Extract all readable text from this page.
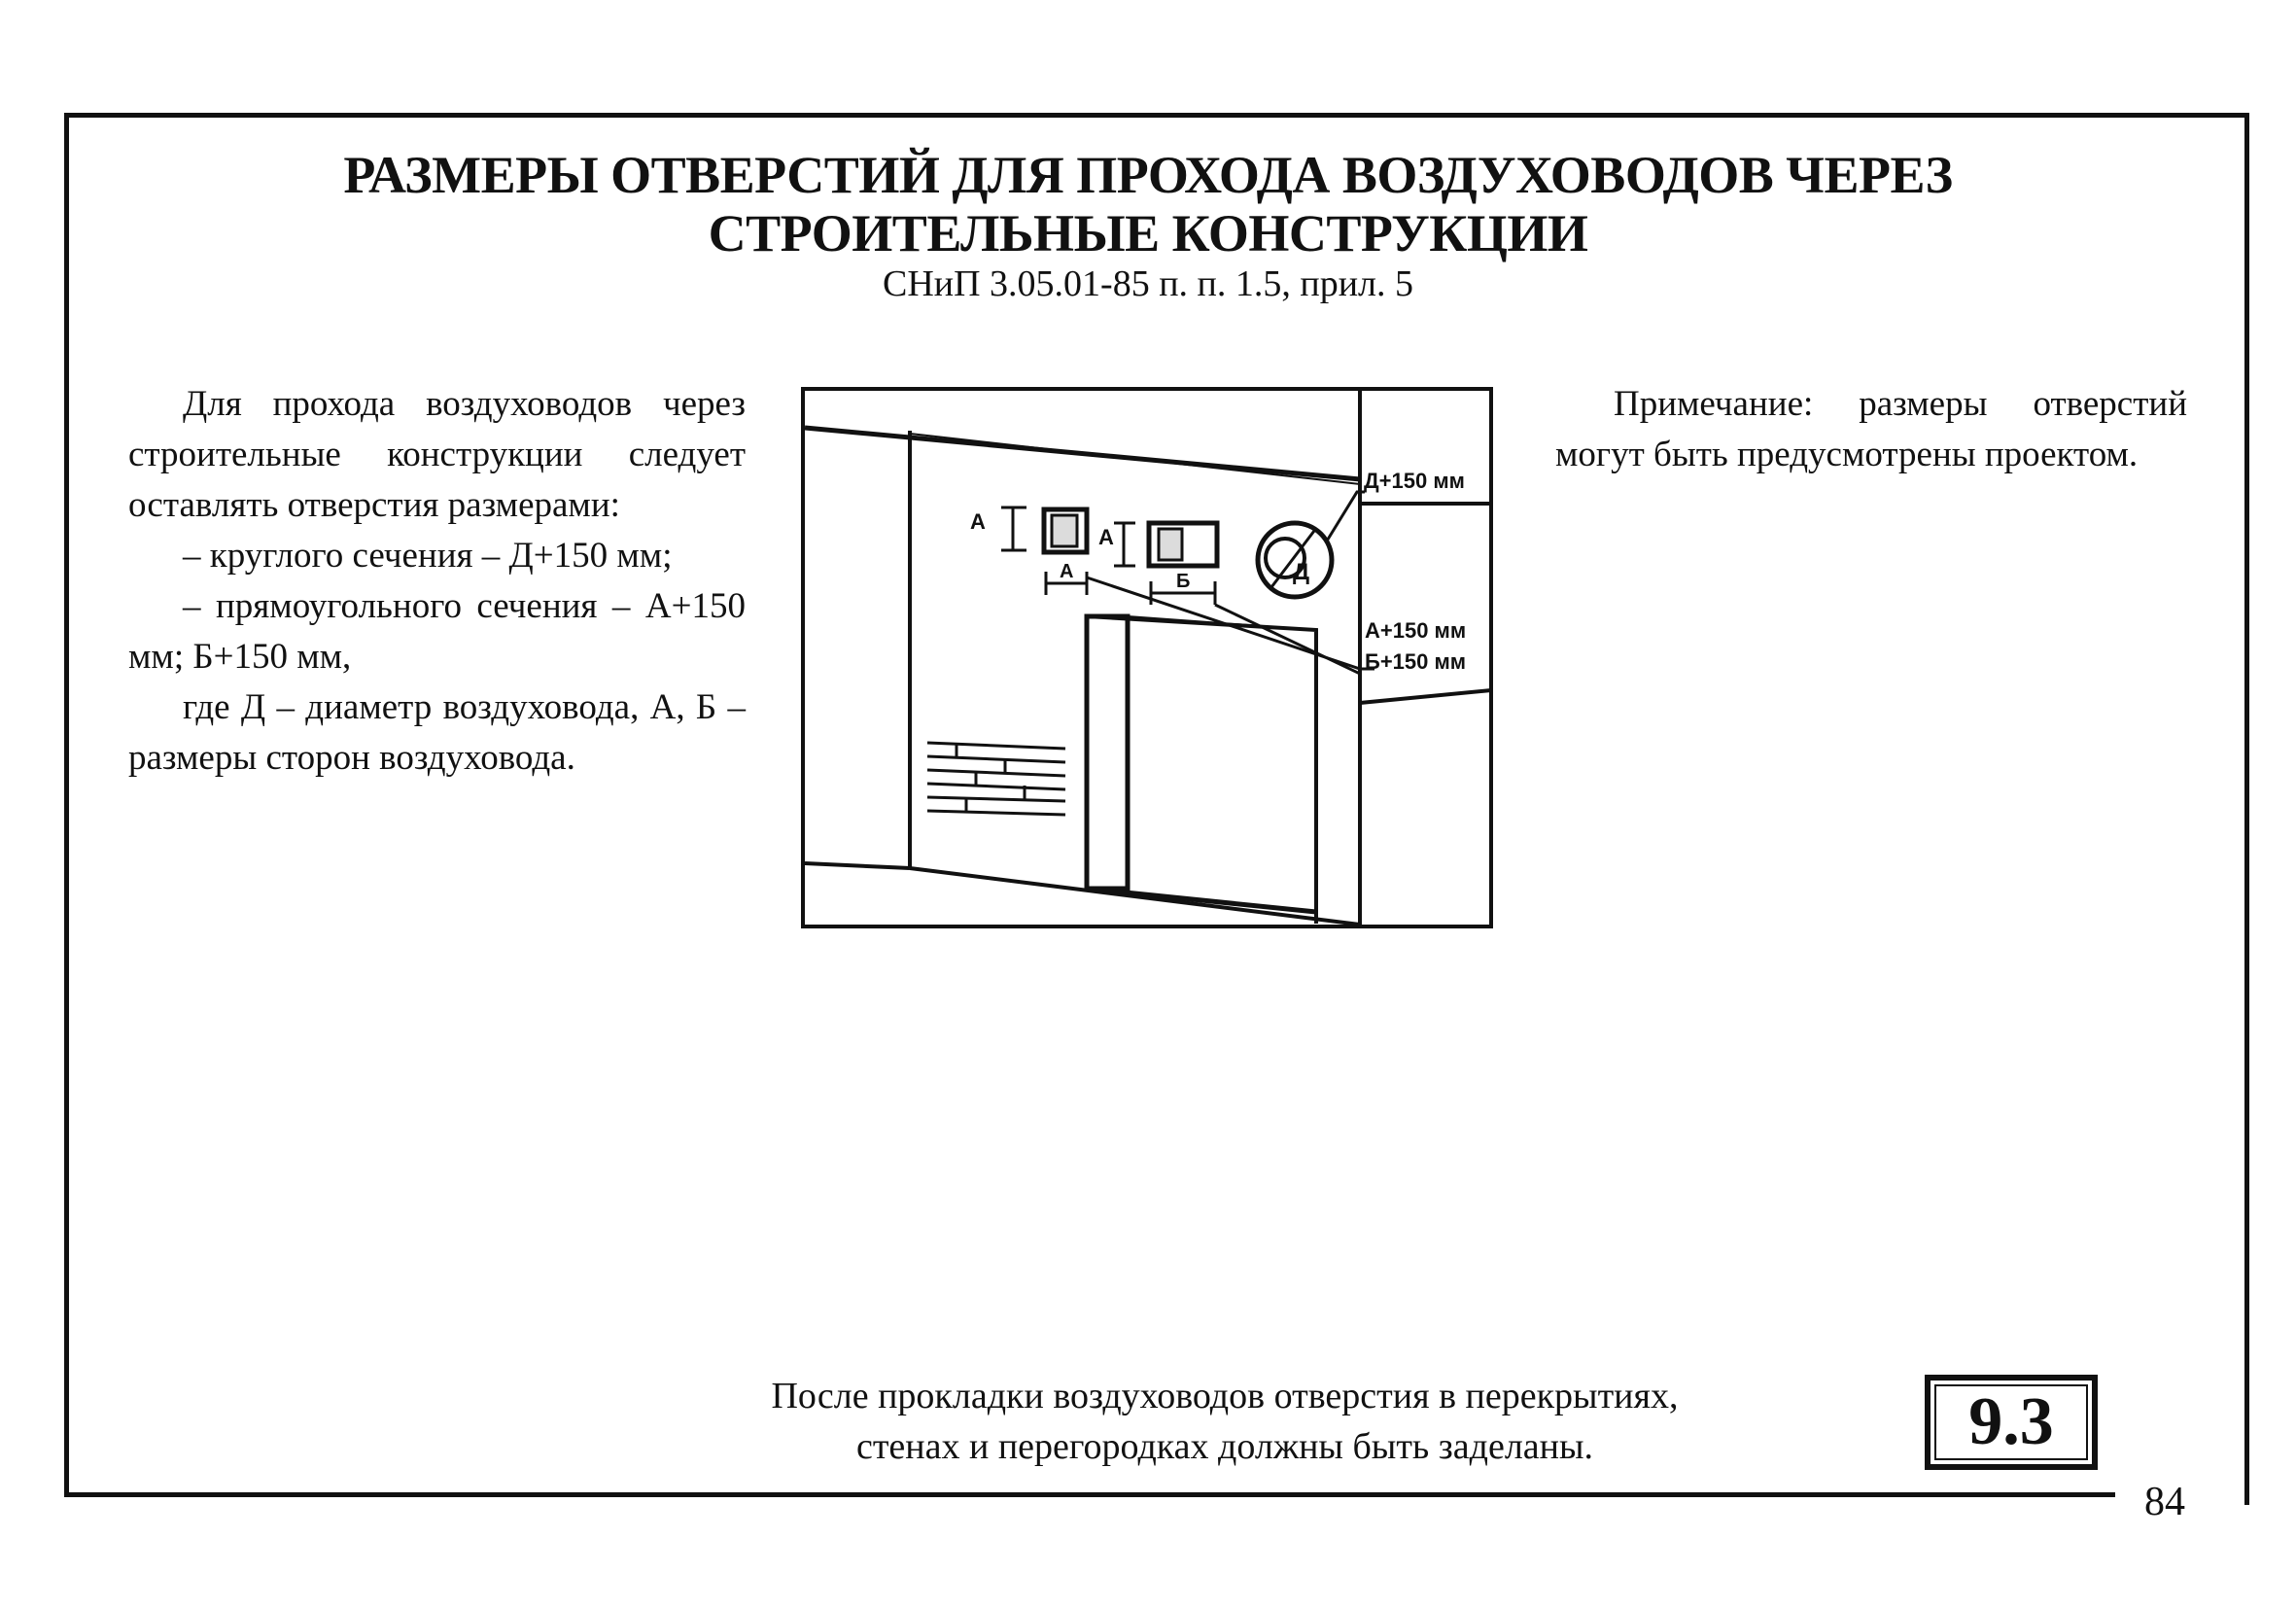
РАЗМЕРЫ ОТВЕРСТИЙ ДЛЯ ПРОХОДА ВОЗДУХОВОДОВ ЧЕРЕЗ
СТРОИТЕЛЬНЫЕ КОНСТРУКЦИИ
СНиП 3.05.01-85 п. п. 1.5, прил. 5

Для прохода воздуховодов через строительные конструкции следует оставлять отверстия размерами:

– круглого сечения – Д+150 мм;

– прямоугольного сечения – А+150 мм; Б+150 мм,

где Д – диаметр воздуховода, А, Б – размеры сторон воздуховода.

А
А
А	Б	Д
Д+150 мм
А+150 мм
Б+150 мм
Примечание: размеры отверстий могут быть предусмотрены проектом.

После прокладки воздуховодов отверстия в перекрытиях,

стенах и перегородках должны быть заделаны.	9.3
84
